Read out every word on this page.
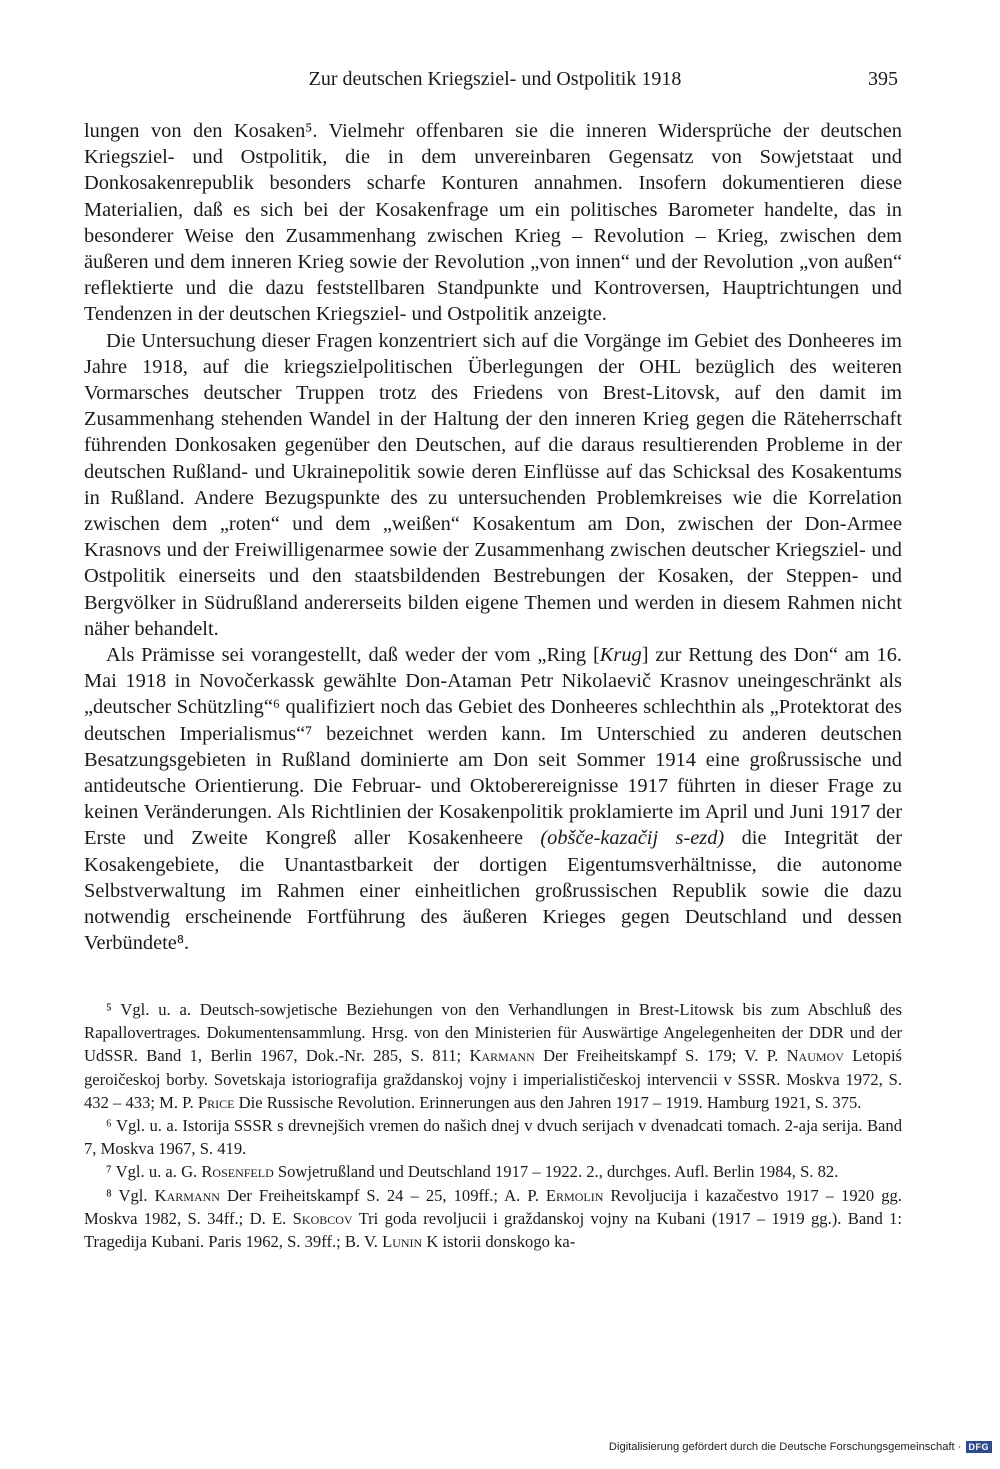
Zur deutschen Kriegsziel- und Ostpolitik 1918	395

lungen von den Kosaken⁵. Vielmehr offenbaren sie die inneren Widersprüche der deutschen Kriegsziel- und Ostpolitik, die in dem unvereinbaren Gegensatz von Sowjetstaat und Donkosakenrepublik besonders scharfe Konturen annahmen. Insofern dokumentieren diese Materialien, daß es sich bei der Kosakenfrage um ein politisches Barometer handelte, das in besonderer Weise den Zusammenhang zwischen Krieg – Revolution – Krieg, zwischen dem äußeren und dem inneren Krieg sowie der Revolution „von innen“ und der Revolution „von außen“ reflektierte und die dazu feststellbaren Standpunkte und Kontroversen, Hauptrichtungen und Tendenzen in der deutschen Kriegsziel- und Ostpolitik anzeigte.

Die Untersuchung dieser Fragen konzentriert sich auf die Vorgänge im Gebiet des Donheeres im Jahre 1918, auf die kriegszielpolitischen Überlegungen der OHL bezüglich des weiteren Vormarsches deutscher Truppen trotz des Friedens von Brest-Litovsk, auf den damit im Zusammenhang stehenden Wandel in der Haltung der den inneren Krieg gegen die Räteherrschaft führenden Donkosaken gegenüber den Deutschen, auf die daraus resultierenden Probleme in der deutschen Rußland- und Ukrainepolitik sowie deren Einflüsse auf das Schicksal des Kosakentums in Rußland. Andere Bezugspunkte des zu untersuchenden Problemkreises wie die Korrelation zwischen dem „roten“ und dem „weißen“ Kosakentum am Don, zwischen der Don-Armee Krasnovs und der Freiwilligenarmee sowie der Zusammenhang zwischen deutscher Kriegsziel- und Ostpolitik einerseits und den staatsbildenden Bestrebungen der Kosaken, der Steppen- und Bergvölker in Südrußland andererseits bilden eigene Themen und werden in diesem Rahmen nicht näher behandelt.

Als Prämisse sei vorangestellt, daß weder der vom „Ring [Krug] zur Rettung des Don“ am 16. Mai 1918 in Novočerkassk gewählte Don-Ataman Petr Nikolaevič Krasnov uneingeschränkt als „deutscher Schützling“⁶ qualifiziert noch das Gebiet des Donheeres schlechthin als „Protektorat des deutschen Imperialismus“⁷ bezeichnet werden kann. Im Unterschied zu anderen deutschen Besatzungsgebieten in Rußland dominierte am Don seit Sommer 1914 eine großrussische und antideutsche Orientierung. Die Februar- und Oktoberereignisse 1917 führten in dieser Frage zu keinen Veränderungen. Als Richtlinien der Kosakenpolitik proklamierte im April und Juni 1917 der Erste und Zweite Kongreß aller Kosakenheere (obšče-kazačij s-ezd) die Integrität der Kosakengebiete, die Unantastbarkeit der dortigen Eigentumsverhältnisse, die autonome Selbstverwaltung im Rahmen einer einheitlichen großrussischen Republik sowie die dazu notwendig erscheinende Fortführung des äußeren Krieges gegen Deutschland und dessen Verbündete⁸.

⁵ Vgl. u. a. Deutsch-sowjetische Beziehungen von den Verhandlungen in Brest-Litowsk bis zum Abschluß des Rapallovertrages. Dokumentensammlung. Hrsg. von den Ministerien für Auswärtige Angelegenheiten der DDR und der UdSSR. Band 1, Berlin 1967, Dok.-Nr. 285, S. 811; Karmann Der Freiheitskampf S. 179; V. P. Naumov Letopiś geroičeskoj borby. Sovetskaja istoriografija graždanskoj vojny i imperialističeskoj intervencii v SSSR. Moskva 1972, S. 432 – 433; M. P. Price Die Russische Revolution. Erinnerungen aus den Jahren 1917 – 1919. Hamburg 1921, S. 375.

⁶ Vgl. u. a. Istorija SSSR s drevnejšich vremen do našich dnej v dvuch serijach v dvenadcati tomach. 2-aja serija. Band 7, Moskva 1967, S. 419.

⁷ Vgl. u. a. G. Rosenfeld Sowjetrußland und Deutschland 1917 – 1922. 2., durchges. Aufl. Berlin 1984, S. 82.

⁸ Vgl. Karmann Der Freiheitskampf S. 24 – 25, 109ff.; A. P. Ermolin Revoljucija i kazačestvo 1917 – 1920 gg. Moskva 1982, S. 34ff.; D. E. Skobcov Tri goda revoljucii i graždanskoj vojny na Kubani (1917 – 1919 gg.). Band 1: Tragedija Kubani. Paris 1962, S. 39ff.; B. V. Lunin K istorii donskogo ka-

Digitalisierung gefördert durch die Deutsche Forschungsgemeinschaft · DFG
